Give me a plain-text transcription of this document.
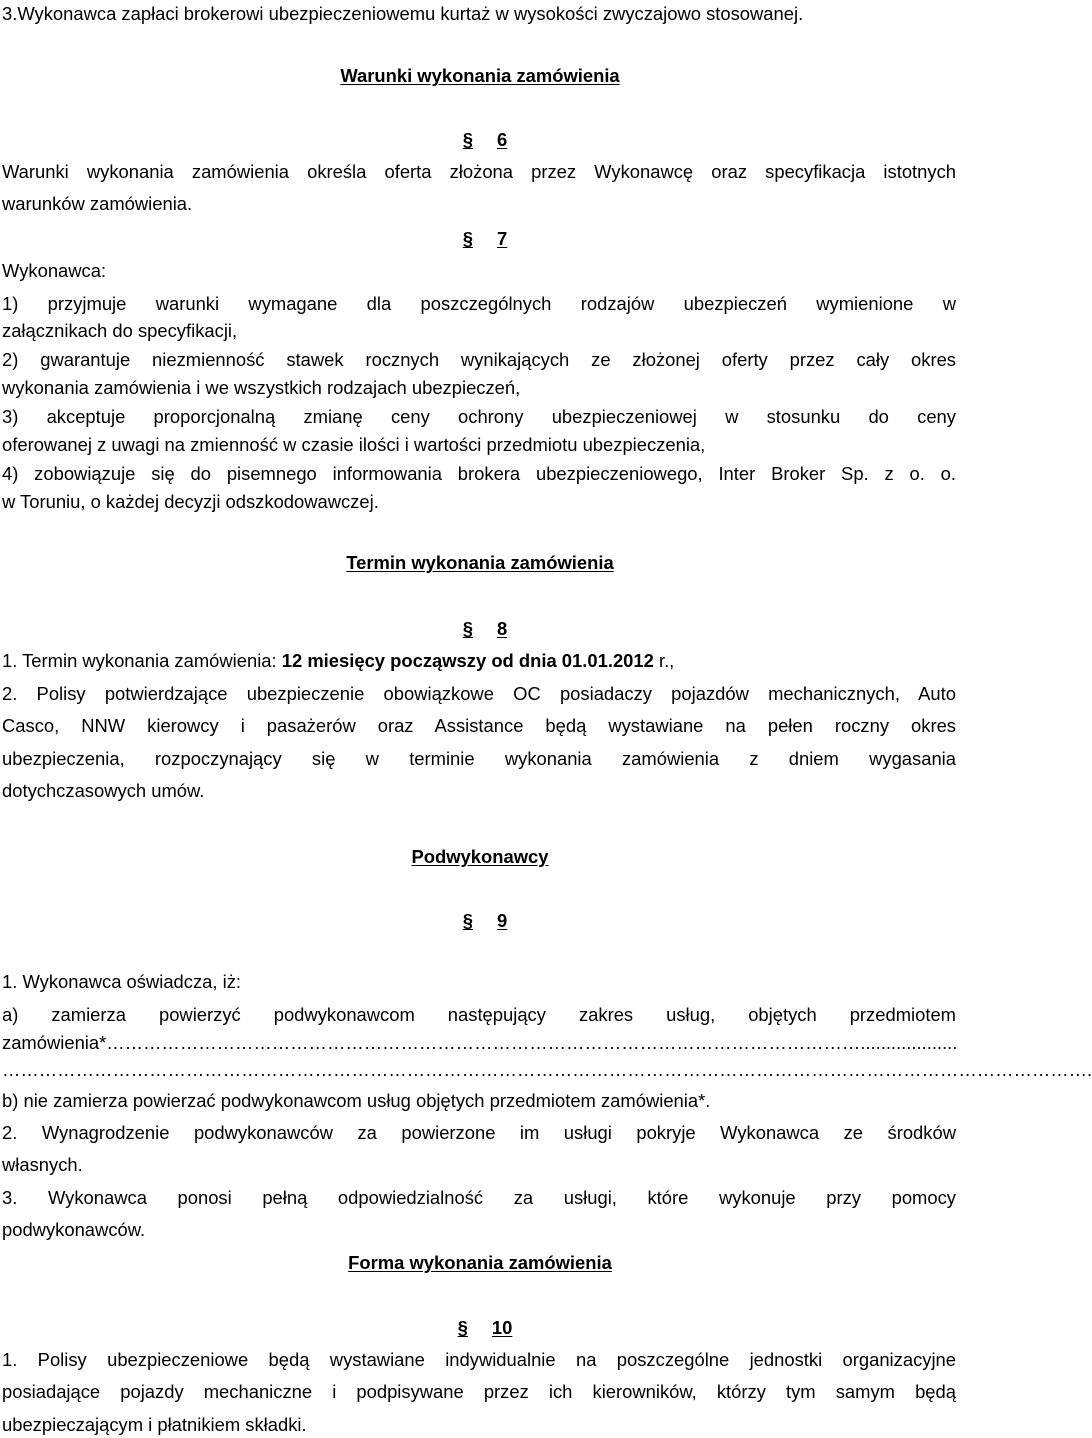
3.Wykonawca zapłaci brokerowi ubezpieczeniowemu kurtaż w wysokości zwyczajowo stosowanej.
Warunki wykonania zamówienia
§ 6
Warunki wykonania zamówienia określa oferta złożona przez Wykonawcę oraz specyfikacja istotnych
warunków zamówienia.
§ 7
Wykonawca:
1) przyjmuje warunki wymagane dla poszczególnych rodzajów ubezpieczeń wymienione w
załącznikach do specyfikacji,
2) gwarantuje niezmienność stawek rocznych wynikających ze złożonej oferty przez cały okres
wykonania zamówienia i we wszystkich rodzajach ubezpieczeń,
3) akceptuje proporcjonalną zmianę ceny ochrony ubezpieczeniowej w stosunku do ceny
oferowanej z uwagi na zmienność w czasie ilości i wartości przedmiotu ubezpieczenia,
4) zobowiązuje się do pisemnego informowania brokera ubezpieczeniowego, Inter Broker Sp. z o. o.
w Toruniu, o każdej decyzji odszkodowawczej.
Termin wykonania zamówienia
§ 8
1. Termin wykonania zamówienia: 12 miesięcy począwszy od dnia 01.01.2012 r.,
2. Polisy potwierdzające ubezpieczenie obowiązkowe OC posiadaczy pojazdów mechanicznych, Auto
Casco, NNW kierowcy i pasażerów oraz Assistance będą wystawiane na pełen roczny okres
ubezpieczenia, rozpoczynający się w terminie wykonania zamówienia z dniem wygasania
dotychczasowych umów.
Podwykonawcy
§ 9
1. Wykonawca oświadcza, iż:
a) zamierza powierzyć podwykonawcom następujący zakres usług, objętych przedmiotem
zamówienia*……………………………………………………………………………………………………………...................
…………………………………………………………………………………………………………………………………………………………….
b) nie zamierza powierzać podwykonawcom usług objętych przedmiotem zamówienia*.
2. Wynagrodzenie podwykonawców za powierzone im usługi pokryje Wykonawca ze środków
własnych.
3. Wykonawca ponosi pełną odpowiedzialność za usługi, które wykonuje przy pomocy
podwykonawców.
Forma wykonania zamówienia
§ 10
1. Polisy ubezpieczeniowe będą wystawiane indywidualnie na poszczególne jednostki organizacyjne
posiadające pojazdy mechaniczne i podpisywane przez ich kierowników, którzy tym samym będą
ubezpieczającym i płatnikiem składki.
